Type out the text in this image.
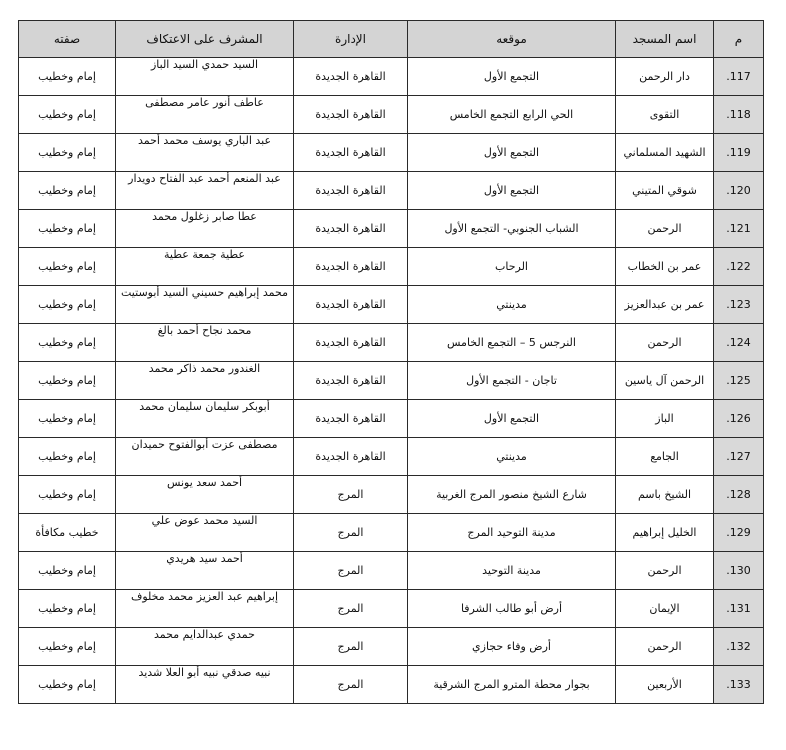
م	اسم المسجد	موقعه	الإدارة	المشرف على الاعتكاف	صفته
.117	دار الرحمن	التجمع الأول	القاهرة الجديدة	السيد حمدي السيد الباز	إمام وخطيب
.118	التقوى	الحي الرابع التجمع الخامس	القاهرة الجديدة	عاطف أنور عامر مصطفى	إمام وخطيب
.119	الشهيد المسلماني	التجمع الأول	القاهرة الجديدة	عبد الباري يوسف محمد أحمد	إمام وخطيب
.120	شوقي المتيني	التجمع الأول	القاهرة الجديدة	عبد المنعم أحمد عبد الفتاح دويدار	إمام وخطيب
.121	الرحمن	الشباب الجنوبي- التجمع الأول	القاهرة الجديدة	عطا صابر زغلول محمد	إمام وخطيب
.122	عمر بن الخطاب	الرحاب	القاهرة الجديدة	عطية جمعة عطية	إمام وخطيب
.123	عمر بن عبدالعزيز	مدينتي	القاهرة الجديدة	محمد إبراهيم حسيني السيد أبوستيت	إمام وخطيب
.124	الرحمن	النرجس 5 – التجمع الخامس	القاهرة الجديدة	محمد نجاح أحمد بالغ	إمام وخطيب
.125	الرحمن آل ياسين	تاجان - التجمع الأول	القاهرة الجديدة	الغندور محمد ذاكر محمد	إمام وخطيب
.126	الباز	التجمع الأول	القاهرة الجديدة	أبوبكر سليمان سليمان محمد	إمام وخطيب
.127	الجامع	مدينتي	القاهرة الجديدة	مصطفى عزت أبوالفتوح حميدان	إمام وخطيب
.128	الشيخ باسم	شارع الشيخ منصور المرج الغربية	المرج	أحمد سعد يونس	إمام وخطيب
.129	الخليل إبراهيم	مدينة التوحيد المرج	المرج	السيد محمد عوض علي	خطيب مكافأة
.130	الرحمن	مدينة التوحيد	المرج	أحمد سيد هريدي	إمام وخطيب
.131	الإيمان	أرض أبو طالب الشرفا	المرج	إبراهيم عبد العزيز محمد مخلوف	إمام وخطيب
.132	الرحمن	أرض وفاء حجازي	المرج	حمدي عبدالدايم محمد	إمام وخطيب
.133	الأربعين	بجوار محطة المترو المرج الشرقية	المرج	نبيه صدقي نبيه أبو العلا شديد	إمام وخطيب
